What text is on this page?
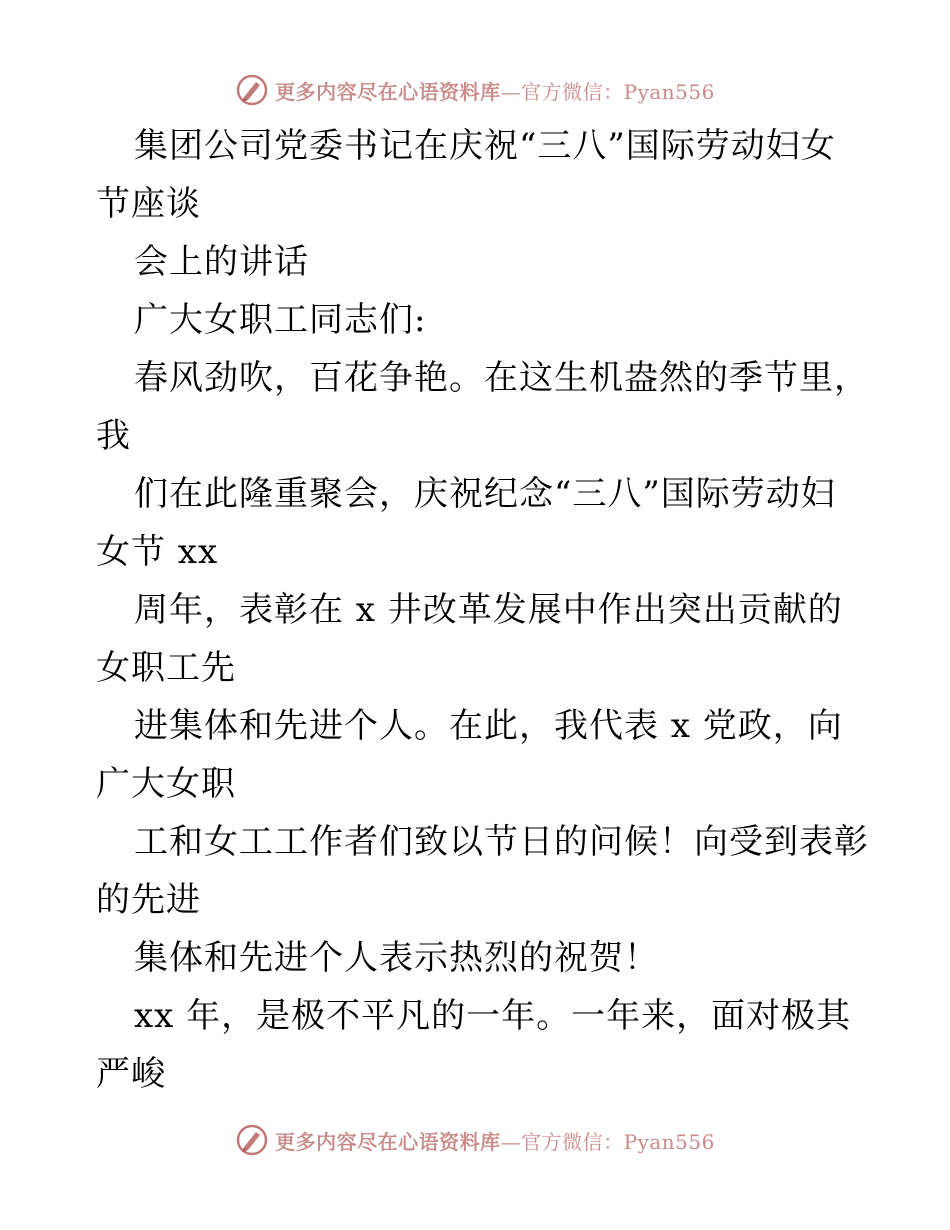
更多内容尽在心语资料库—官方微信：Pyan556
集团公司党委书记在庆祝“三八”国际劳动妇女
节座谈
会上的讲话
广大女职工同志们:
春风劲吹，百花争艳。在这生机盎然的季节里，
我
们在此隆重聚会，庆祝纪念“三八”国际劳动妇
女节 xx
周年，表彰在 x 井改革发展中作出突出贡献的
女职工先
进集体和先进个人。在此，我代表 x 党政，向
广大女职
工和女工工作者们致以节日的问候！向受到表彰
的先进
集体和先进个人表示热烈的祝贺！
xx 年，是极不平凡的一年。一年来，面对极其
严峻
更多内容尽在心语资料库—官方微信：Pyan556
